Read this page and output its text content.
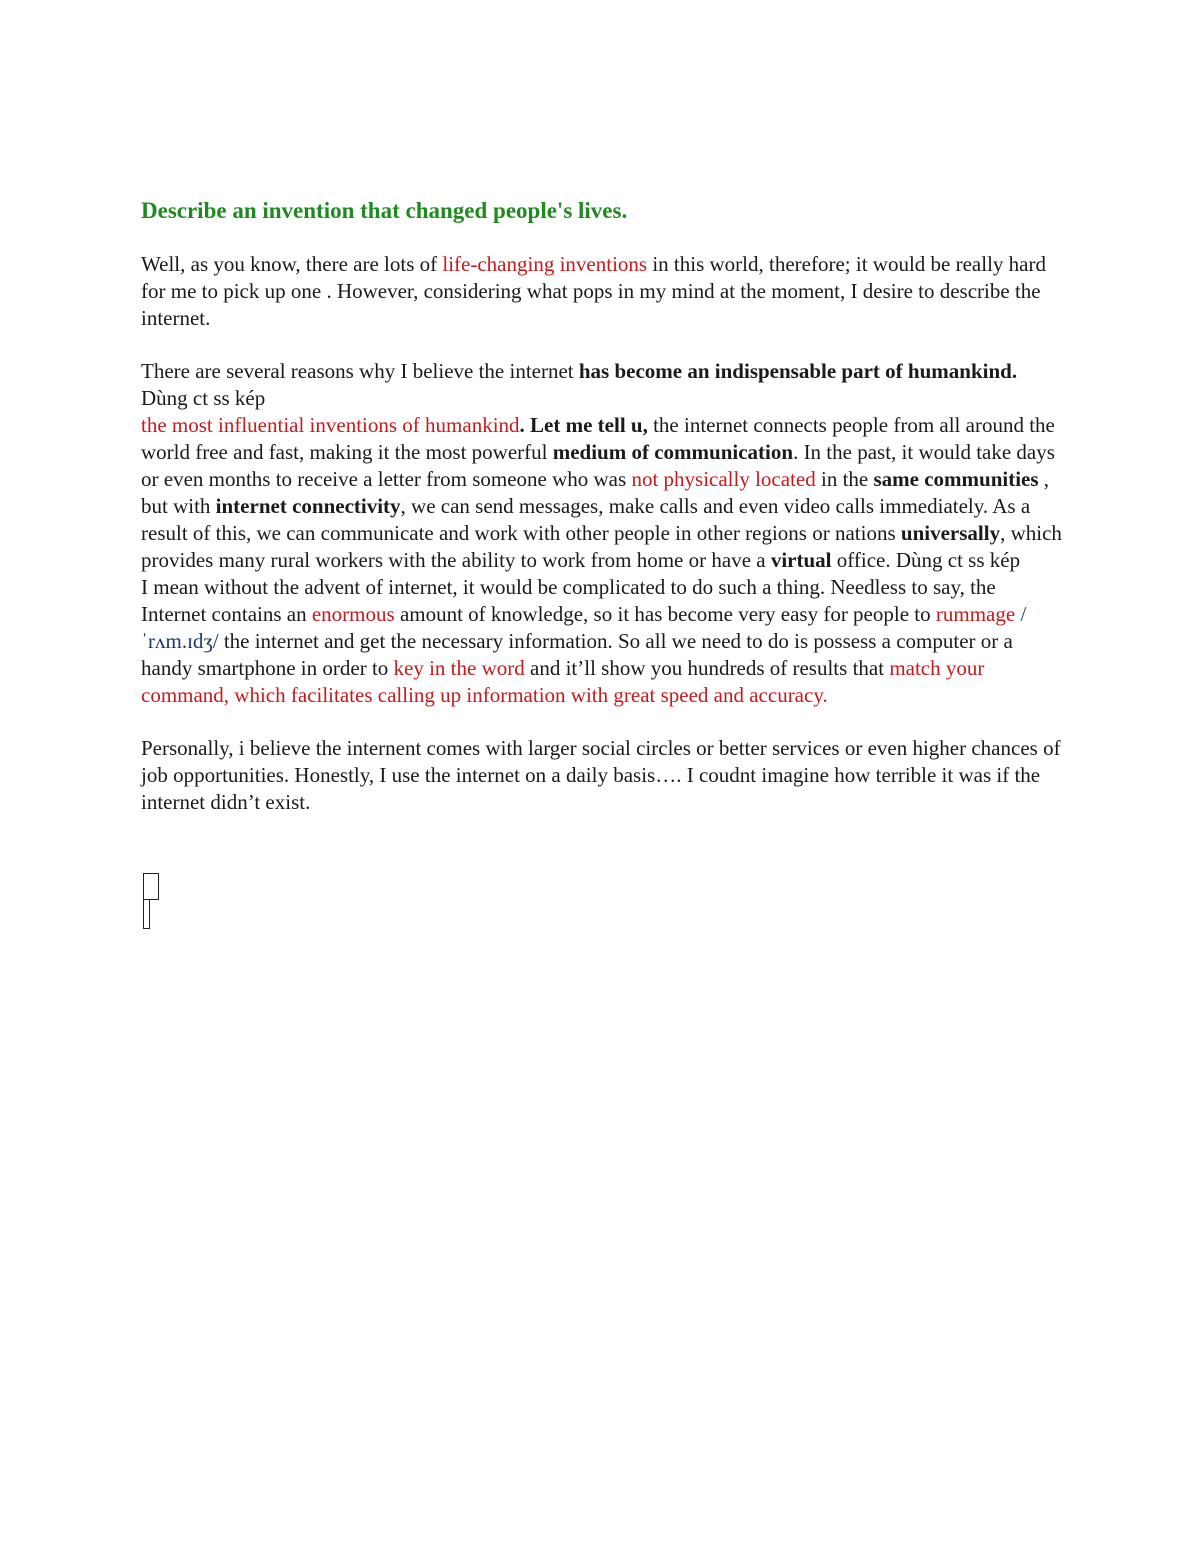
Describe an invention that changed people's lives.

Well, as you know, there are lots of life-changing inventions in this world, therefore; it would be really hard for me to pick up one . However, considering what pops in my mind at the moment, I desire to describe the internet.

There are several reasons why I believe the internet has become an indispensable part of humankind. Dùng ct ss kép
the most influential inventions of humankind. Let me tell u, the internet connects people from all around the world free and fast, making it the most powerful medium of communication. In the past, it would take days or even months to receive a letter from someone who was not physically located in the same communities , but with internet connectivity, we can send messages, make calls and even video calls immediately. As a result of this, we can communicate and work with other people in other regions or nations universally, which provides many rural workers with the ability to work from home or have a virtual office. Dùng ct ss kép
I mean without the advent of internet, it would be complicated to do such a thing. Needless to say, the Internet contains an enormous amount of knowledge, so it has become very easy for people to rummage /ˈrʌm.ɪdʒ/ the internet and get the necessary information. So all we need to do is possess a computer or a handy smartphone in order to key in the word and it’ll show you hundreds of results that match your command, which facilitates calling up information with great speed and accuracy.

Personally, i believe the internent comes with larger social circles or better services or even higher chances of job opportunities. Honestly, I use the internet on a daily basis…. I coudnt imagine how terrible it was if the internet didn’t exist.
